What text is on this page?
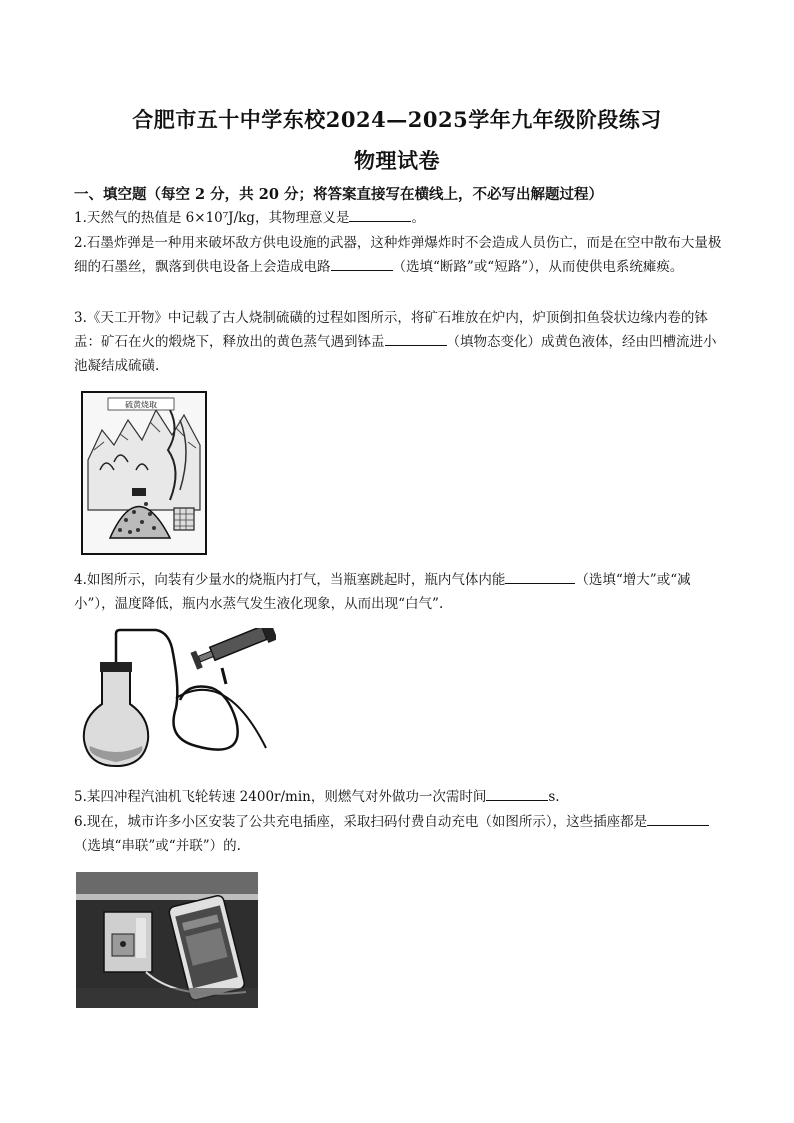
合肥市五十中学东校2024—2025学年九年级阶段练习
物理试卷
一、填空题（每空 2 分，共 20 分；将答案直接写在横线上，不必写出解题过程）
1.天然气的热值是 6×10⁷J/kg，其物理意义是	。
2.石墨炸弹是一种用来破坏敌方供电设施的武器，这种炸弹爆炸时不会造成人员伤亡，而是在空中散布大量极细的石墨丝，飘落到供电设备上会造成电路	（选填“断路”或“短路”），从而使供电系统瘫痪。
3.《天工开物》中记载了古人烧制硫磺的过程如图所示，将矿石堆放在炉内，炉顶倒扣鱼袋状边缘内卷的钵盂：矿石在火的煅烧下，释放出的黄色蒸气遇到钵盂	（填物态变化）成黄色液体，经由凹槽流进小池凝结成硫磺.
硫黄烧取
4.如图所示，向装有少量水的烧瓶内打气，当瓶塞跳起时，瓶内气体内能	（选填“增大”或“减小”），温度降低，瓶内水蒸气发生液化现象，从而出现“白气”.
5.某四冲程汽油机飞轮转速 2400r/min，则燃气对外做功一次需时间	s.
6.现在，城市许多小区安装了公共充电插座，采取扫码付费自动充电（如图所示），这些插座都是（选填“串联”或“并联”）的.
